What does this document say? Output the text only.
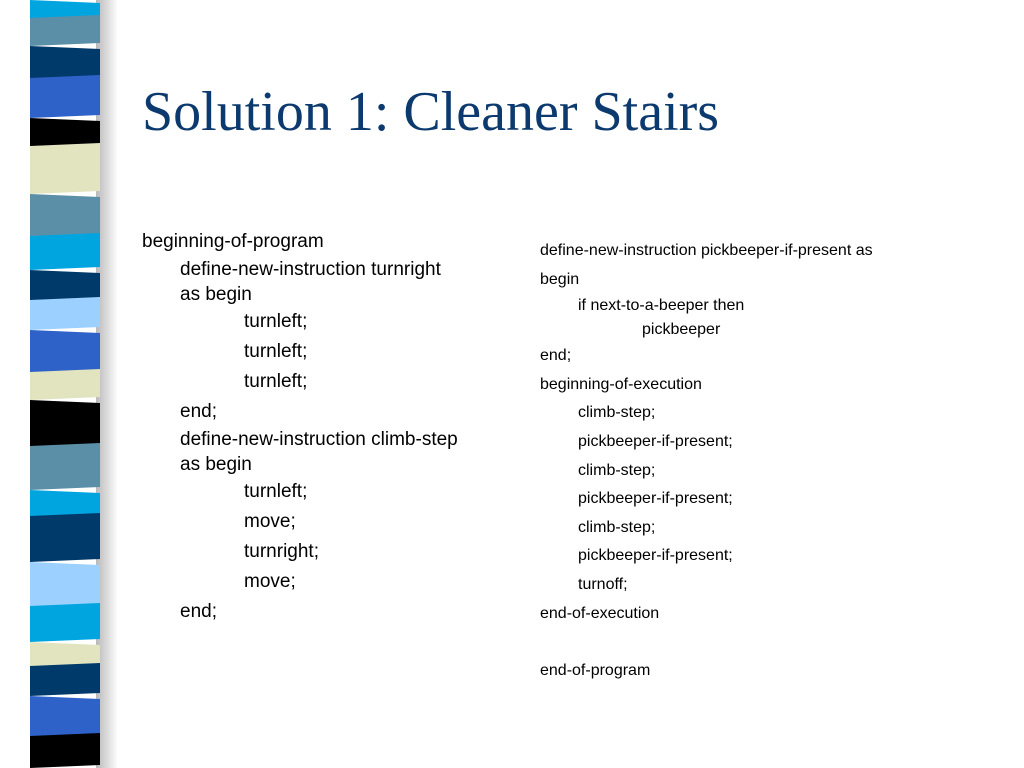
Solution 1: Cleaner Stairs
beginning-of-program
define-new-instruction turnright
as begin
turnleft;
turnleft;
turnleft;
end;
define-new-instruction climb-step
as begin
turnleft;
move;
turnright;
move;
end;
define-new-instruction pickbeeper-if-present as
begin
if next-to-a-beeper then
pickbeeper
end;
beginning-of-execution
climb-step;
pickbeeper-if-present;
climb-step;
pickbeeper-if-present;
climb-step;
pickbeeper-if-present;
turnoff;
end-of-execution
end-of-program
